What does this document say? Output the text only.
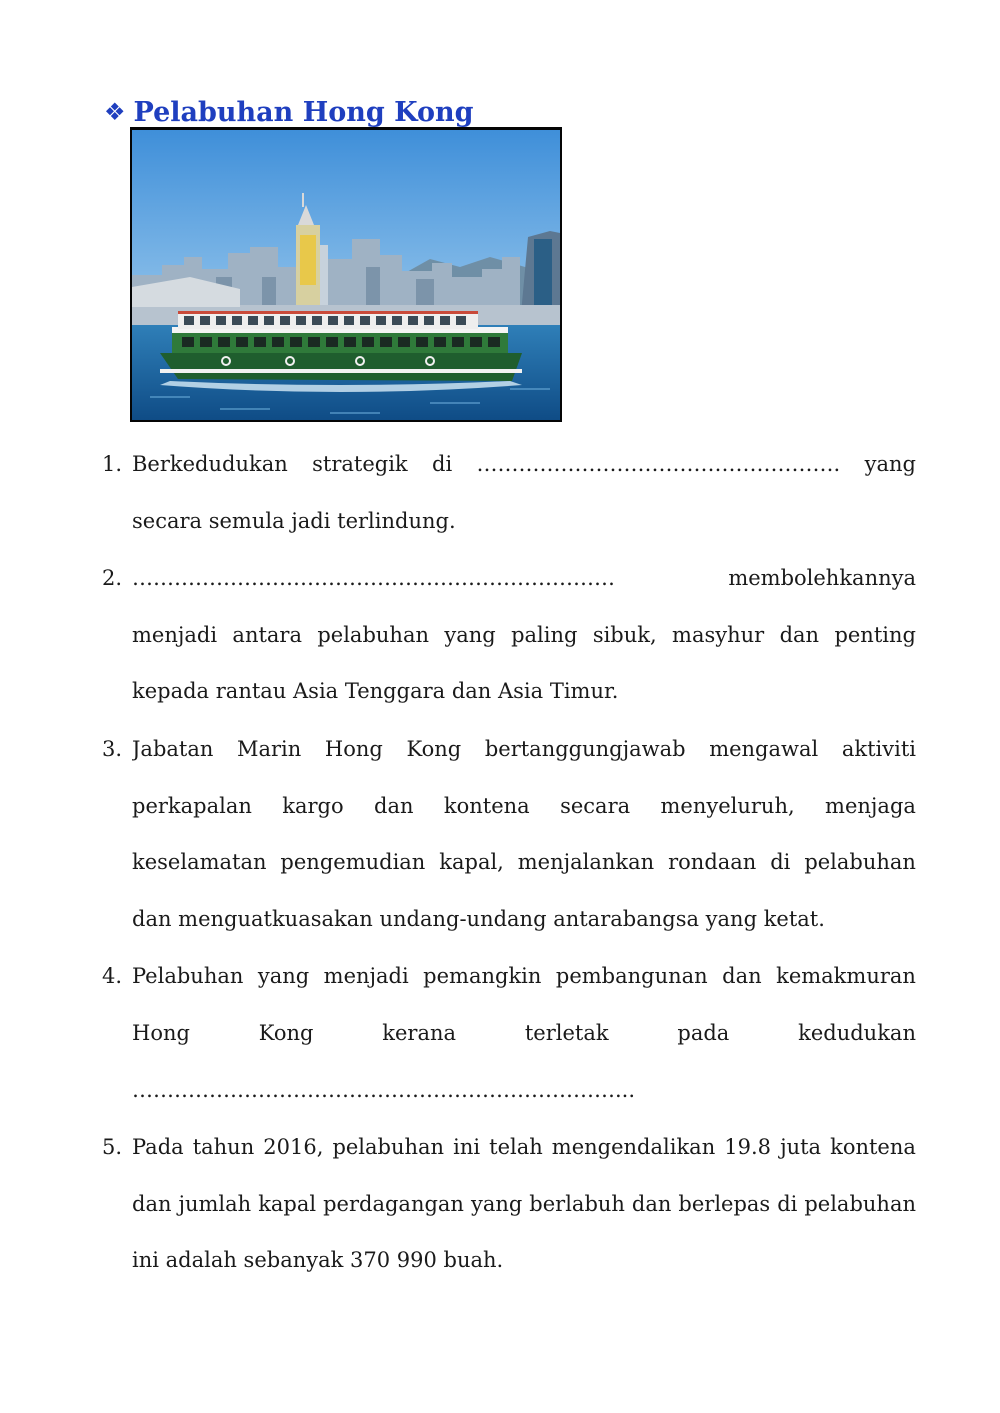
❖ Pelabuhan Hong Kong
1. Berkedudukan strategik di ……………………………………………. yang
secara semula jadi terlindung.
2. ……………………………………………………………	membolehkannya
menjadi antara pelabuhan yang paling sibuk, masyhur dan penting
kepada rantau Asia Tenggara dan Asia Timur.
3. Jabatan Marin Hong Kong bertanggungjawab mengawal aktiviti
perkapalan kargo dan kontena secara menyeluruh, menjaga
keselamatan pengemudian kapal, menjalankan rondaan di pelabuhan
dan menguatkuasakan undang-undang antarabangsa yang ketat.
4. Pelabuhan yang menjadi pemangkin pembangunan dan kemakmuran
Hong	Kong	kerana	terletak	pada	kedudukan
……………………………………………………………...
5. Pada tahun 2016, pelabuhan ini telah mengendalikan 19.8 juta kontena
dan jumlah kapal perdagangan yang berlabuh dan berlepas di pelabuhan
ini adalah sebanyak 370 990 buah.
